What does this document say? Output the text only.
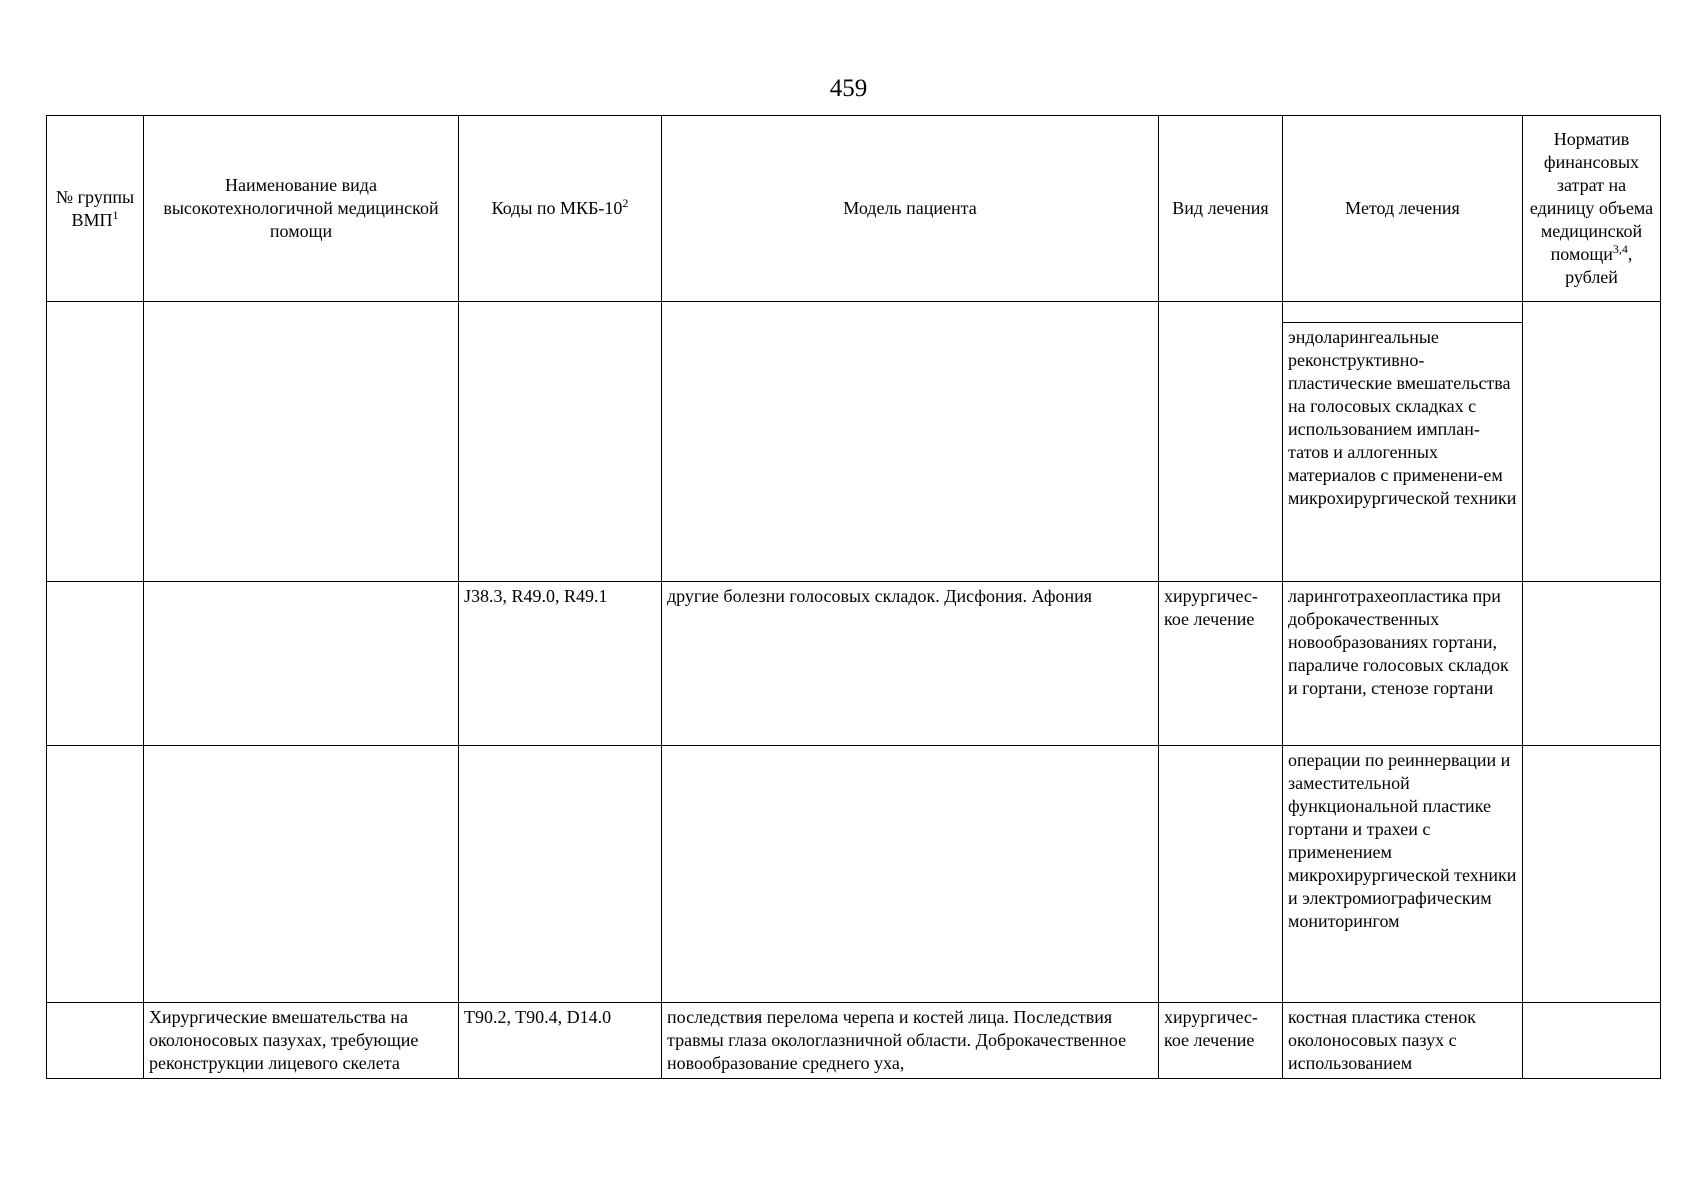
459
№ группы ВМП$^1$	Наименование вида высокотехнологичной медицинской помощи	Коды по МКБ-$10^2$	Модель пациента	Вид лечения	Метод лечения	Норматив финансовых затрат на единицу объема медицинской помощи$^{3,4}$, рублей

					эндоларингеальные реконструктивно-пластические вмешательства на голосовых складках с использованием имплан-татов и аллогенных материалов с применени-ем микрохирургической техники	

		J38.3, R49.0, R49.1	другие болезни голосовых складок. Дисфония. Афония	хирургичес-кое лечение	ларинготрахеопластика при доброкачественных новообразованиях гортани, параличе голосовых складок и гортани, стенозе гортани	
					операции по реиннервации и заместительной функциональной пластике гортани и трахеи с применением микрохирургической техники и электромиографическим мониторингом	
	Хирургические вмешательства на околоносовых пазухах, требующие реконструкции лицевого скелета	T90.2, T90.4, D14.0	последствия перелома черепа и костей лица. Последствия травмы глаза окологлазничной области. Доброкачественное новообразование среднего уха,	хирургичес-кое лечение	костная пластика стенок околоносовых пазух с использованием	
